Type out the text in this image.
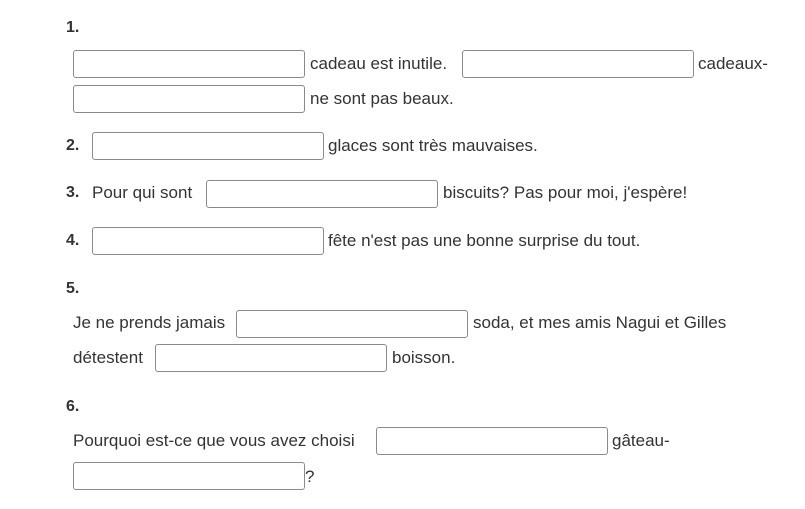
1.
cadeau est inutile.	cadeaux-
ne sont pas beaux.
2.	glaces sont très mauvaises.
3. Pour qui sont	biscuits? Pas pour moi, j'espère!
4.	fête n'est pas une bonne surprise du tout.
5.
Je ne prends jamais	soda, et mes amis Nagui et Gilles
détestent	boisson.
6.
Pourquoi est-ce que vous avez choisi	gâteau-
?
